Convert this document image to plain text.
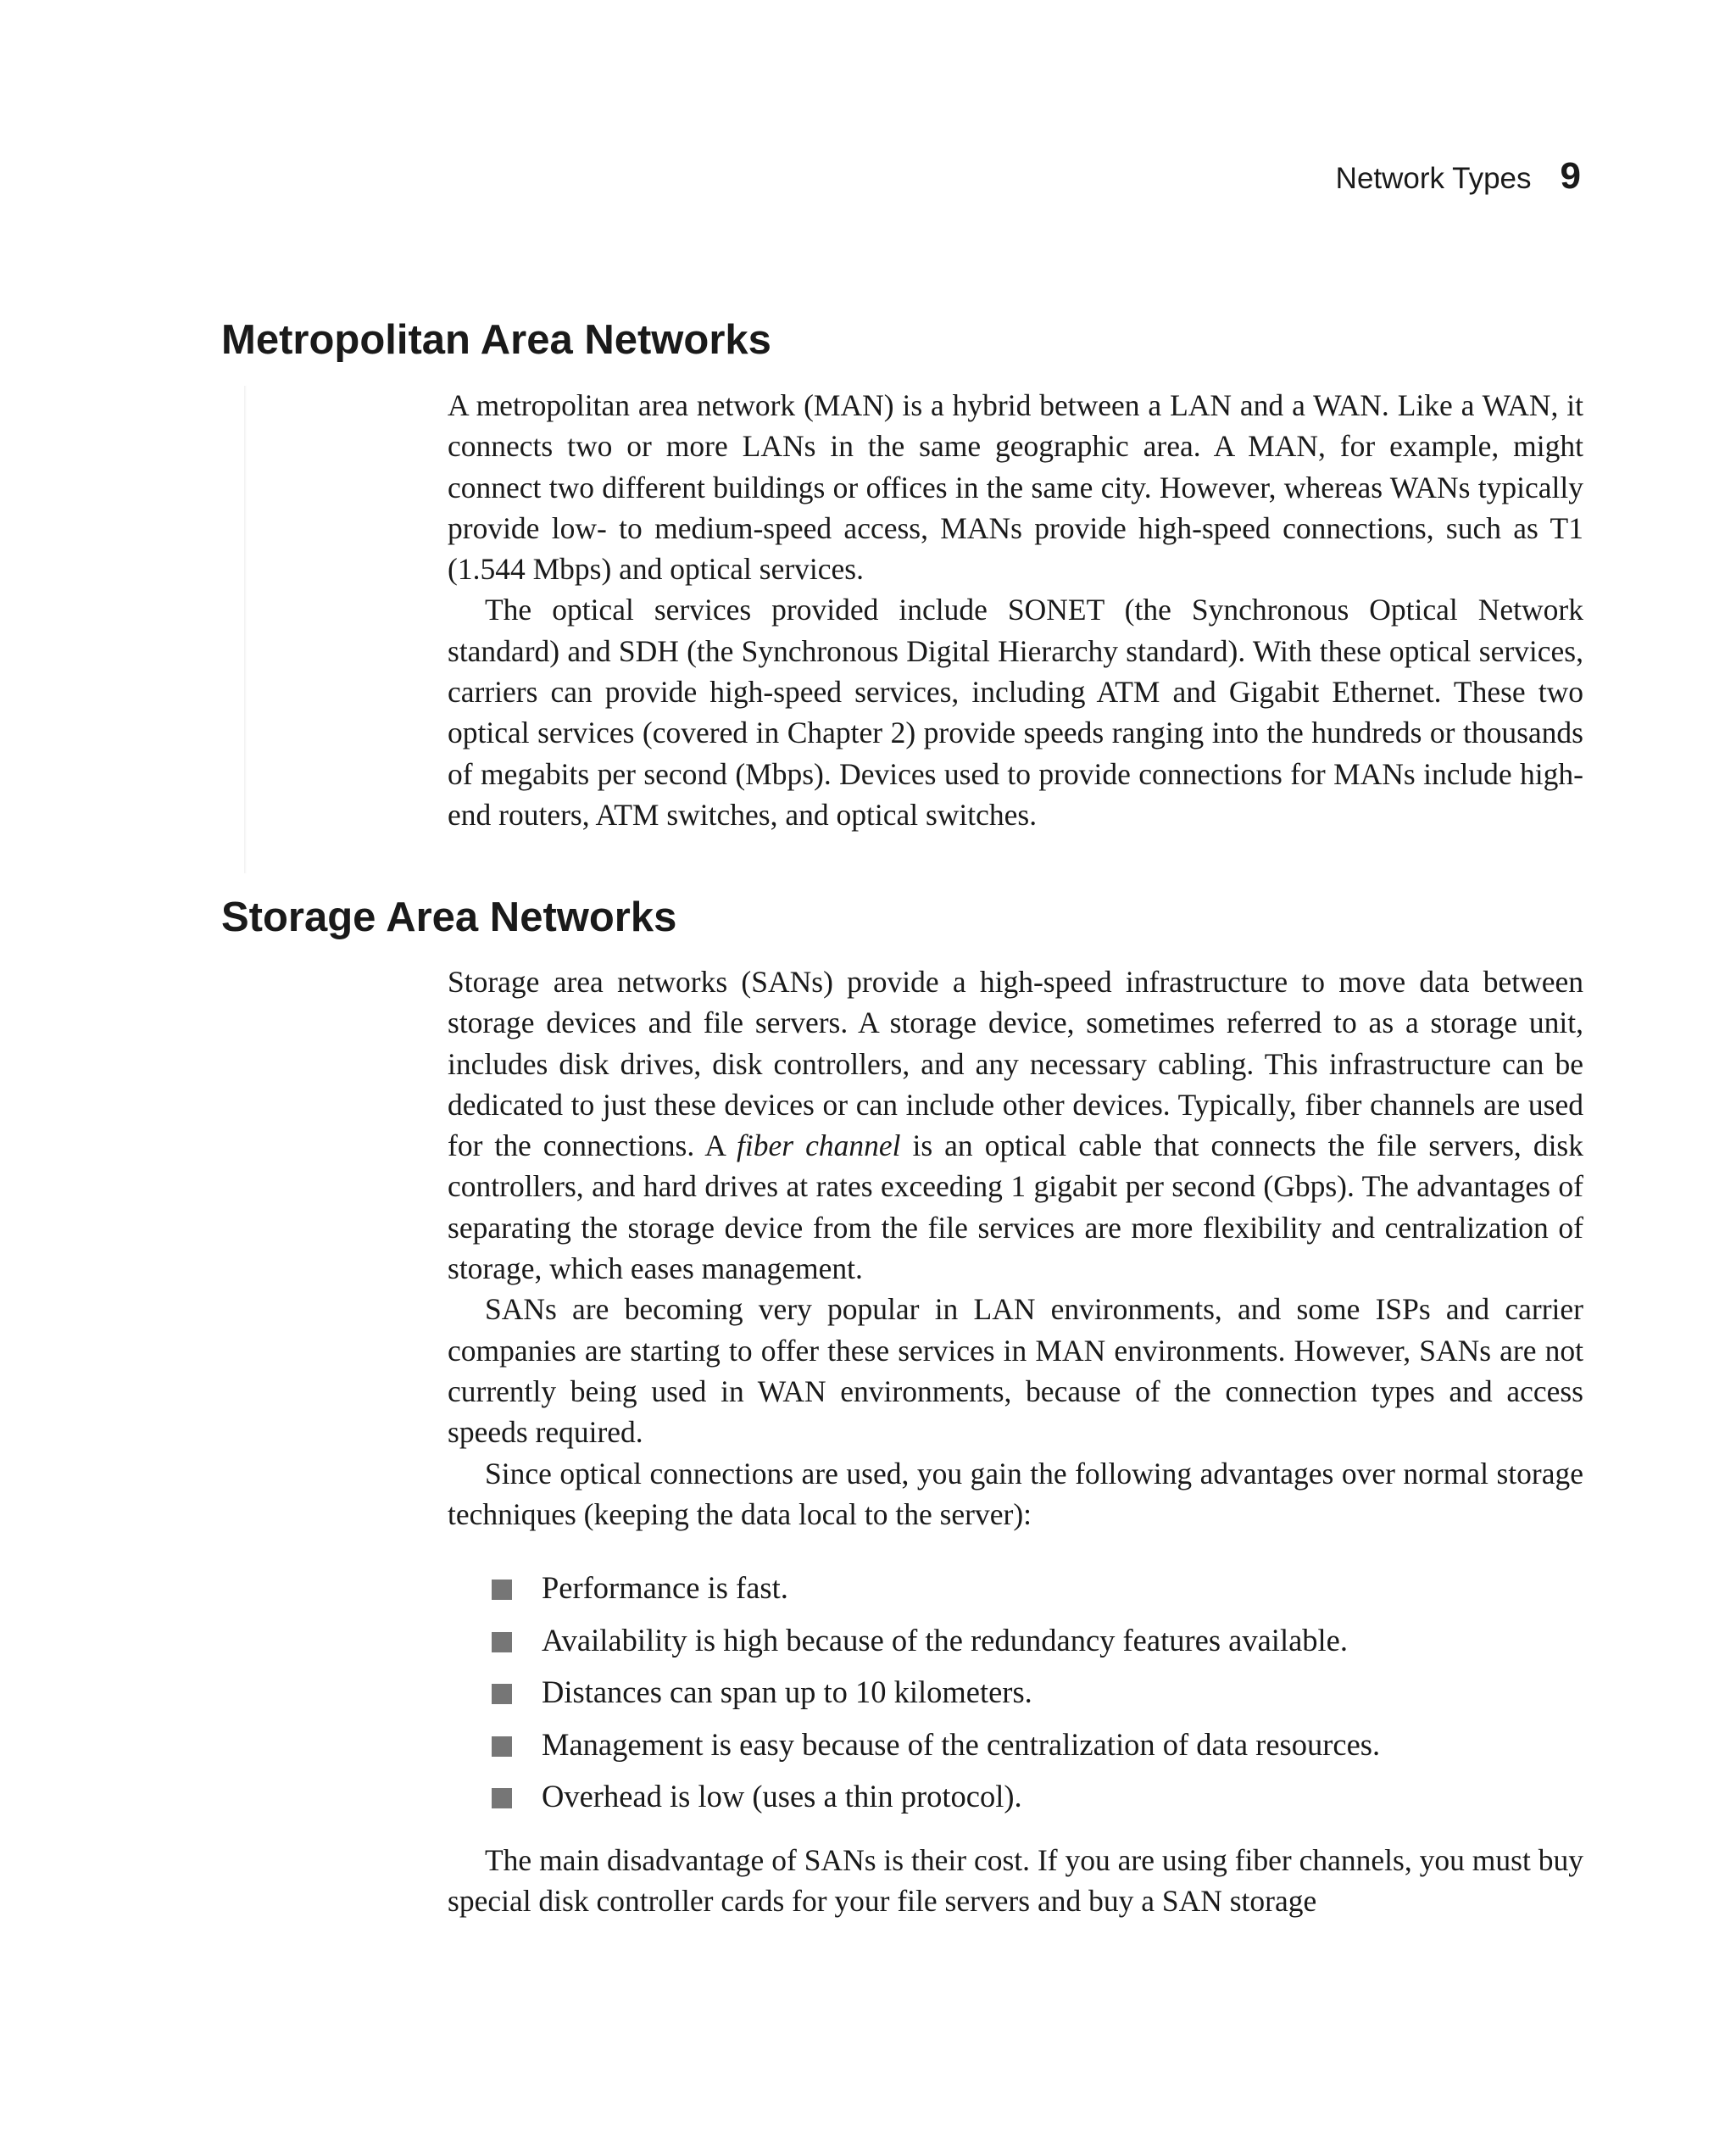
Network Types 9
Metropolitan Area Networks

A metropolitan area network (MAN) is a hybrid between a LAN and a WAN. Like a WAN, it connects two or more LANs in the same geographic area. A MAN, for example, might connect two different buildings or offices in the same city. However, whereas WANs typically provide low- to medium-speed access, MANs provide high-speed connections, such as T1 (1.544 Mbps) and optical services.

The optical services provided include SONET (the Synchronous Optical Network standard) and SDH (the Synchronous Digital Hierarchy standard). With these optical services, carriers can provide high-speed services, including ATM and Gigabit Ethernet. These two optical services (covered in Chapter 2) provide speeds ranging into the hundreds or thousands of megabits per second (Mbps). Devices used to provide connections for MANs include high-end routers, ATM switches, and optical switches.

Storage Area Networks

Storage area networks (SANs) provide a high-speed infrastructure to move data between storage devices and file servers. A storage device, sometimes referred to as a storage unit, includes disk drives, disk controllers, and any necessary cabling. This infrastructure can be dedicated to just these devices or can include other devices. Typically, fiber channels are used for the connections. A fiber channel is an optical cable that connects the file servers, disk controllers, and hard drives at rates exceeding 1 gigabit per second (Gbps). The advantages of separating the storage device from the file services are more flexibility and centralization of storage, which eases management.

SANs are becoming very popular in LAN environments, and some ISPs and carrier companies are starting to offer these services in MAN environments. However, SANs are not currently being used in WAN environments, because of the connection types and access speeds required.

Since optical connections are used, you gain the following advantages over normal storage techniques (keeping the data local to the server):

Performance is fast.
Availability is high because of the redundancy features available.
Distances can span up to 10 kilometers.
Management is easy because of the centralization of data resources.
Overhead is low (uses a thin protocol).

The main disadvantage of SANs is their cost. If you are using fiber channels, you must buy special disk controller cards for your file servers and buy a SAN storage
